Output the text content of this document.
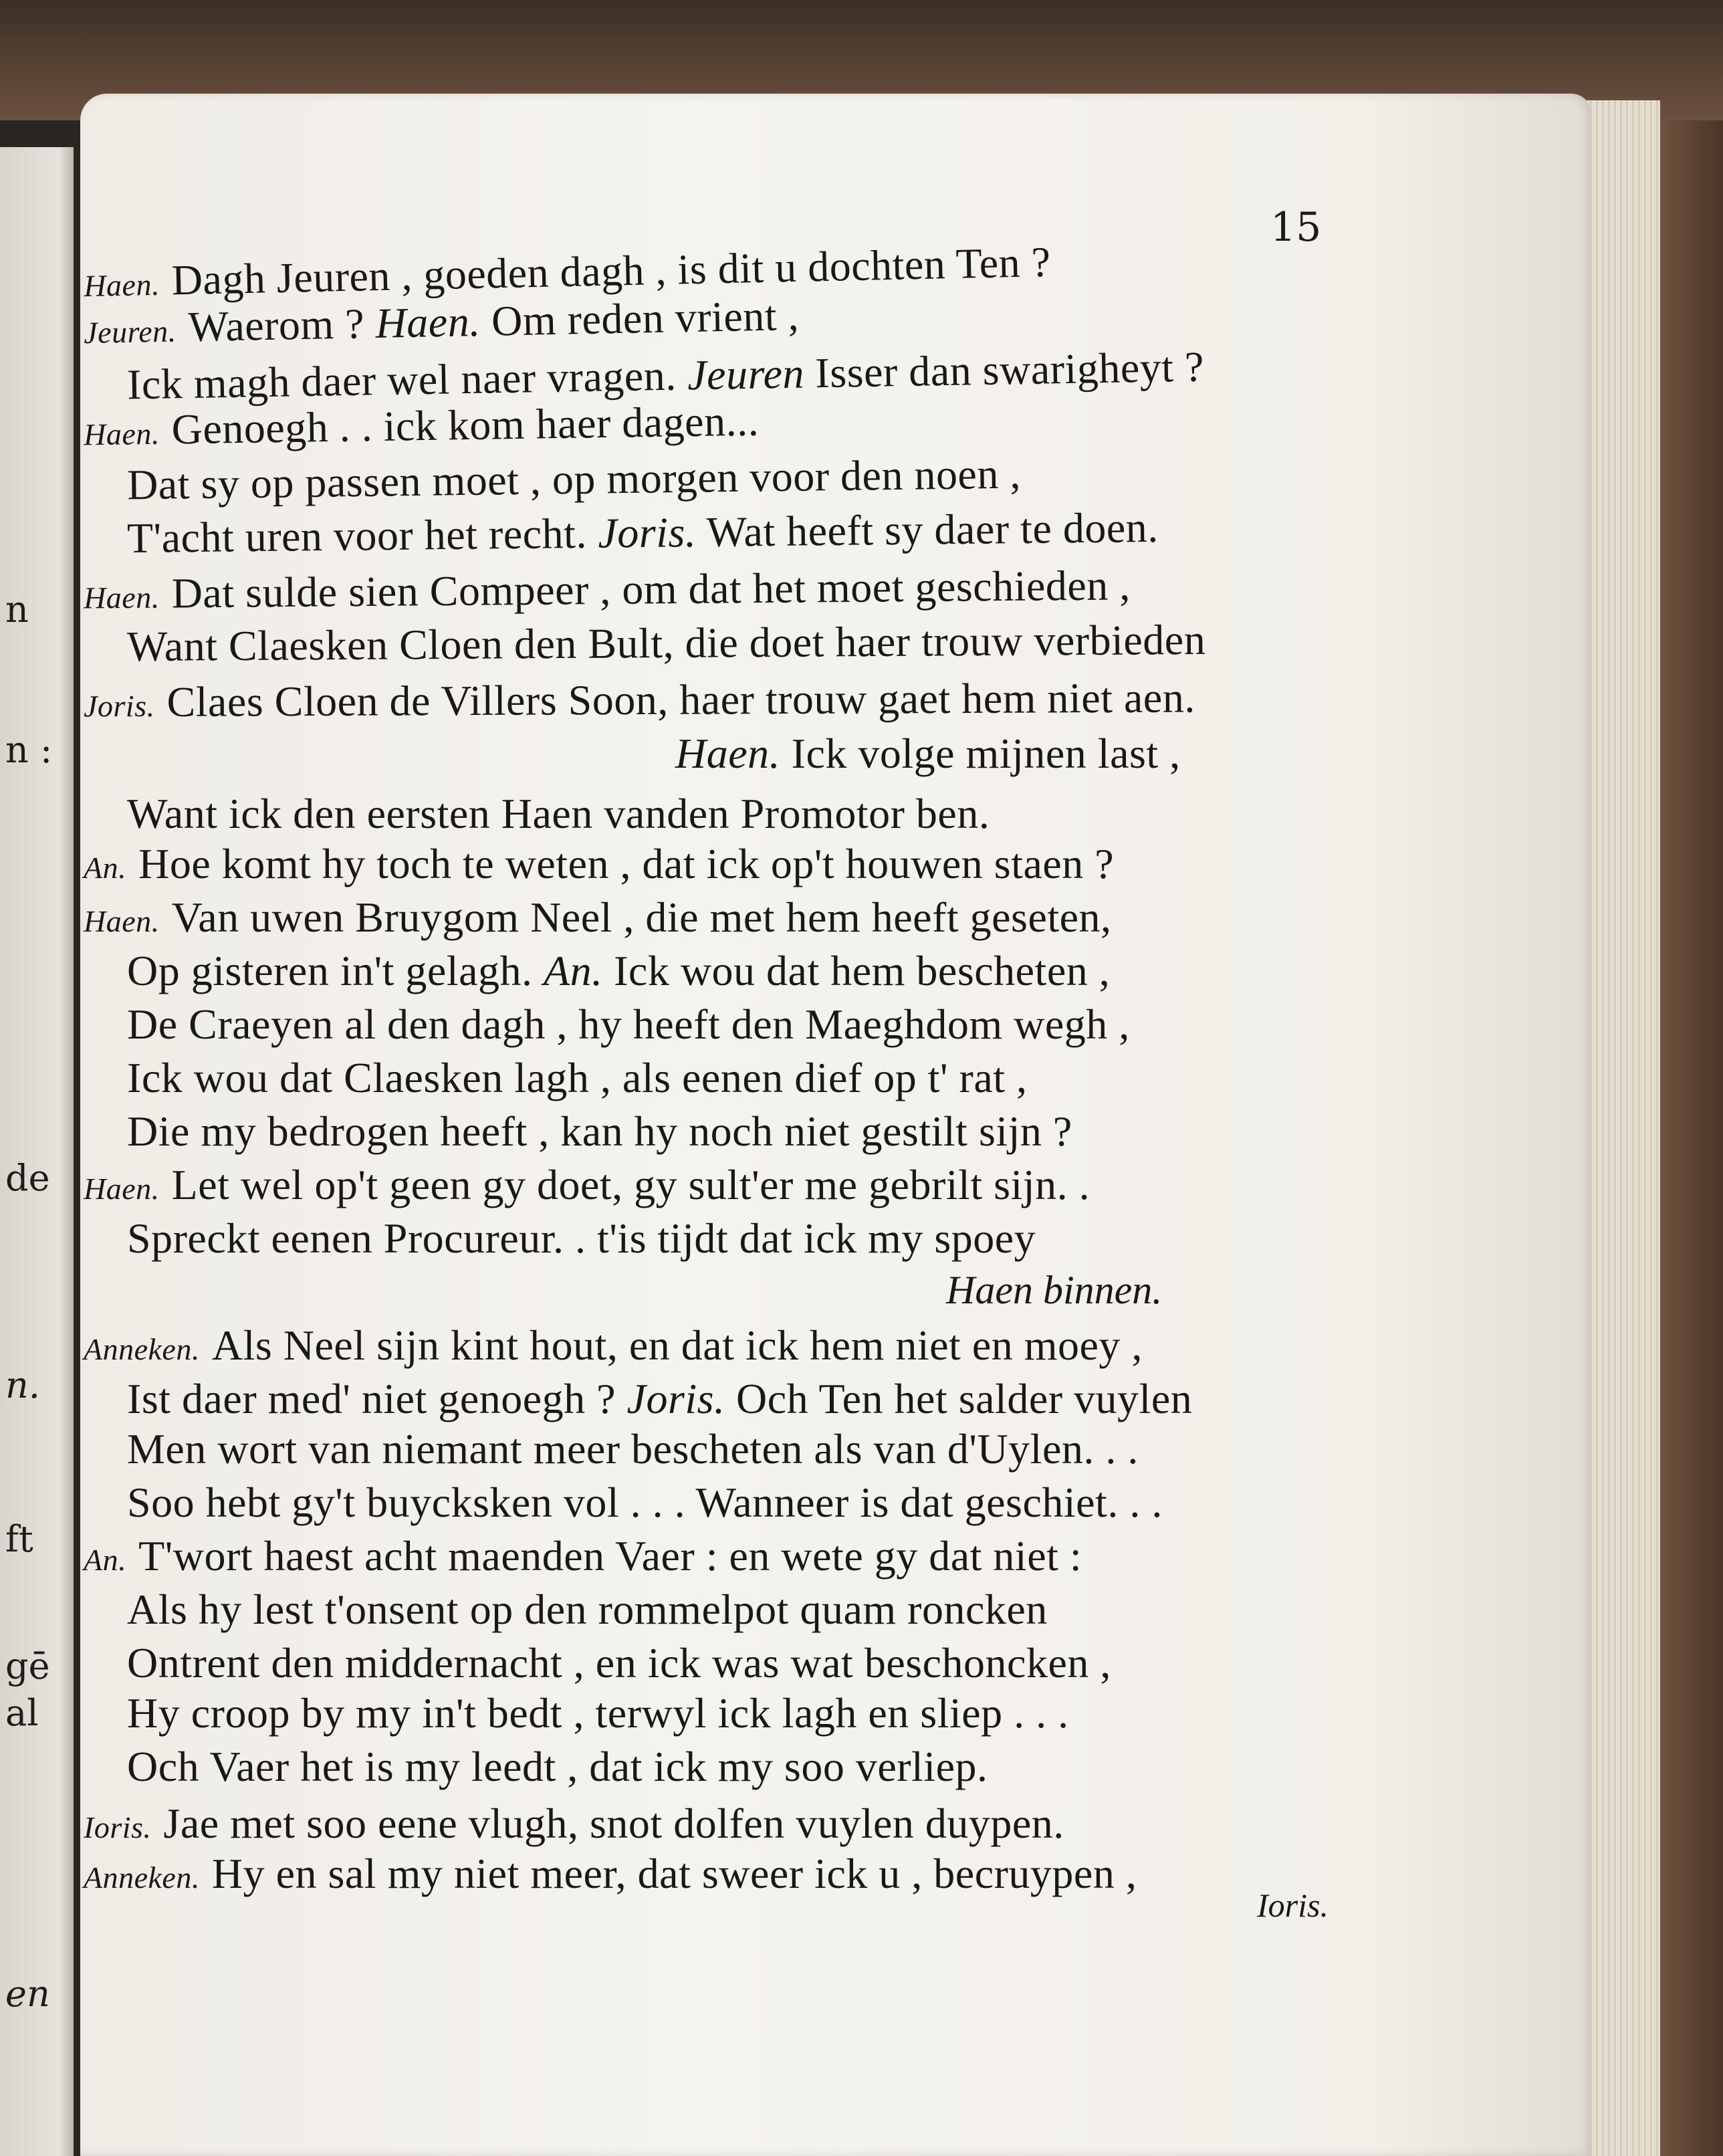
n
n :
de
n.
ft
gē
al
en
15
Haen. Dagh Jeuren , goeden dagh , is dit u dochten Ten ?
Jeuren. Waerom ? Haen. Om reden vrient ,
Ick magh daer wel naer vragen. Jeuren Isser dan swarigheyt ?
Haen. Genoegh . . ick kom haer dagen...
Dat sy op passen moet , op morgen voor den noen ,
T'acht uren voor het recht. Joris. Wat heeft sy daer te doen.
Haen. Dat sulde sien Compeer , om dat het moet geschieden ,
Want Claesken Cloen den Bult, die doet haer trouw verbieden
Joris. Claes Cloen de Villers Soon, haer trouw gaet hem niet aen.
Haen. Ick volge mijnen last ,
Want ick den eersten Haen vanden Promotor ben.
An. Hoe komt hy toch te weten , dat ick op't houwen staen ?
Haen. Van uwen Bruygom Neel , die met hem heeft geseten,
Op gisteren in't gelagh. An. Ick wou dat hem bescheten ,
De Craeyen al den dagh , hy heeft den Maeghdom wegh ,
Ick wou dat Claesken lagh , als eenen dief op t' rat ,
Die my bedrogen heeft , kan hy noch niet gestilt sijn ?
Haen. Let wel op't geen gy doet, gy sult'er me gebrilt sijn. .
Spreckt eenen Procureur. . t'is tijdt dat ick my spoey
Anneken. Als Neel sijn kint hout, en dat ick hem niet en moey ,
Ist daer med' niet genoegh ? Joris. Och Ten het salder vuylen
Men wort van niemant meer bescheten als van d'Uylen. . .
Soo hebt gy't buycksken vol . . . Wanneer is dat geschiet. . .
An. T'wort haest acht maenden Vaer : en wete gy dat niet :
Als hy lest t'onsent op den rommelpot quam roncken
Ontrent den middernacht , en ick was wat beschoncken ,
Hy croop by my in't bedt , terwyl ick lagh en sliep . . .
Och Vaer het is my leedt , dat ick my soo verliep.
Ioris. Jae met soo eene vlugh, snot dolfen vuylen duypen.
Anneken. Hy en sal my niet meer, dat sweer ick u , becruypen ,
Haen binnen.
Ioris.
